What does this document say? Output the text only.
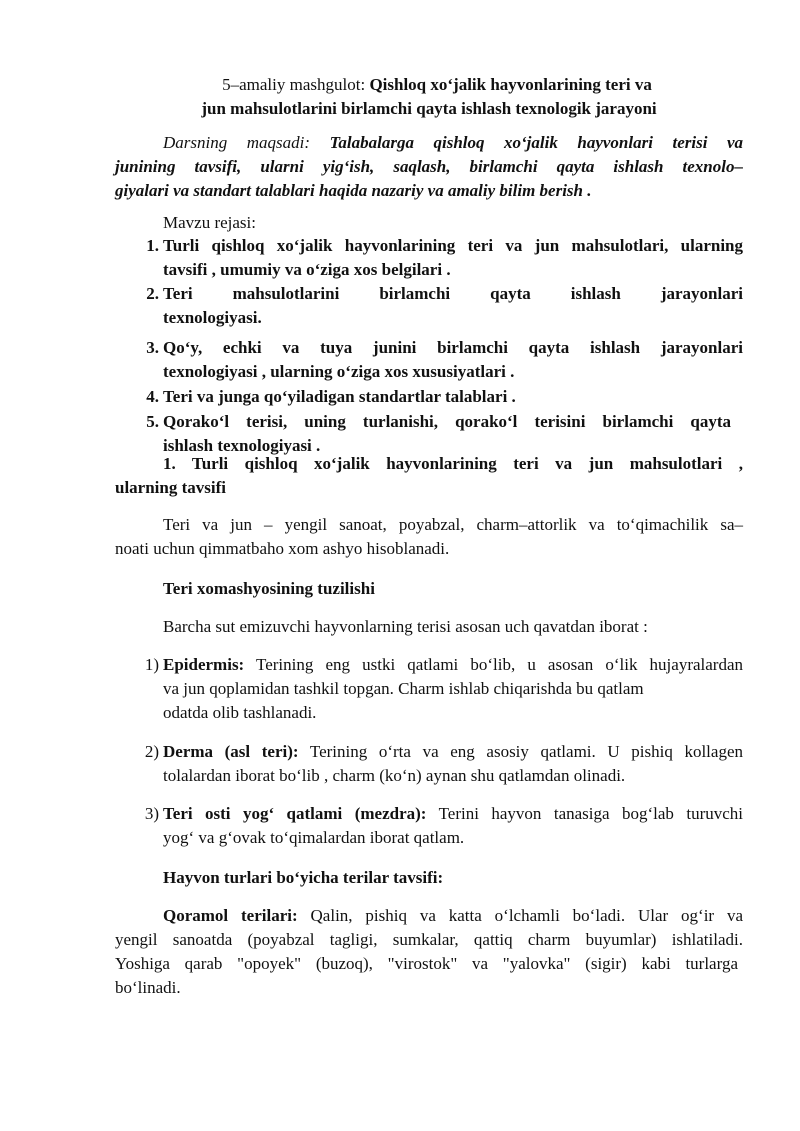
5–amaliy mashgulot: Qishloq xo‘jalik hayvonlarining teri va
jun mahsulotlarini birlamchi qayta ishlash texnologik jarayoni
Darsning maqsadi: Talabalarga qishloq xo‘jalik hayvonlari terisi va
junining tavsifi, ularni yig‘ish, saqlash, birlamchi qayta ishlash texnolo–
giyalari va standart talablari haqida nazariy va amaliy bilim berish .
Mavzu rejasi:
1. Turli qishloq xo‘jalik hayvonlarining teri va jun mahsulotlari, ularning
tavsifi , umumiy va o‘ziga xos belgilari .
2. Teri mahsulotlarini birlamchi qayta ishlash jarayonlari
texnologiyasi.
3. Qo‘y, echki va tuya junini birlamchi qayta ishlash jarayonlari
texnologiyasi , ularning o‘ziga xos xususiyatlari .
4. Teri va junga qo‘yiladigan standartlar talablari .
5. Qorako‘l terisi, uning turlanishi, qorako‘l terisini birlamchi qayta
ishlash texnologiyasi .
1. Turli qishloq xo‘jalik hayvonlarining teri va jun mahsulotlari ,
ularning tavsifi
Teri va jun – yengil sanoat, poyabzal, charm–attorlik va to‘qimachilik sa–
noati uchun qimmatbaho xom ashyo hisoblanadi.
Teri xomashyosining tuzilishi
Barcha sut emizuvchi hayvonlarning terisi asosan uch qavatdan iborat :
1) Epidermis: Terining eng ustki qatlami bo‘lib, u asosan o‘lik hujayralardan
va jun qoplamidan tashkil topgan. Charm ishlab chiqarishda bu qatlam
odatda olib tashlanadi.
2) Derma (asl teri): Terining o‘rta va eng asosiy qatlami. U pishiq kollagen
tolalardan iborat bo‘lib , charm (ko‘n) aynan shu qatlamdan olinadi.
3) Teri osti yog‘ qatlami (mezdra): Terini hayvon tanasiga bog‘lab turuvchi
yog‘ va g‘ovak to‘qimalardan iborat qatlam.
Hayvon turlari bo‘yicha terilar tavsifi:
Qoramol terilari: Qalin, pishiq va katta o‘lchamli bo‘ladi. Ular og‘ir va
yengil sanoatda (poyabzal tagligi, sumkalar, qattiq charm buyumlar) ishlatiladi.
Yoshiga qarab "opoyek" (buzoq), "virostok" va "yalovka" (sigir) kabi turlarga
bo‘linadi.
